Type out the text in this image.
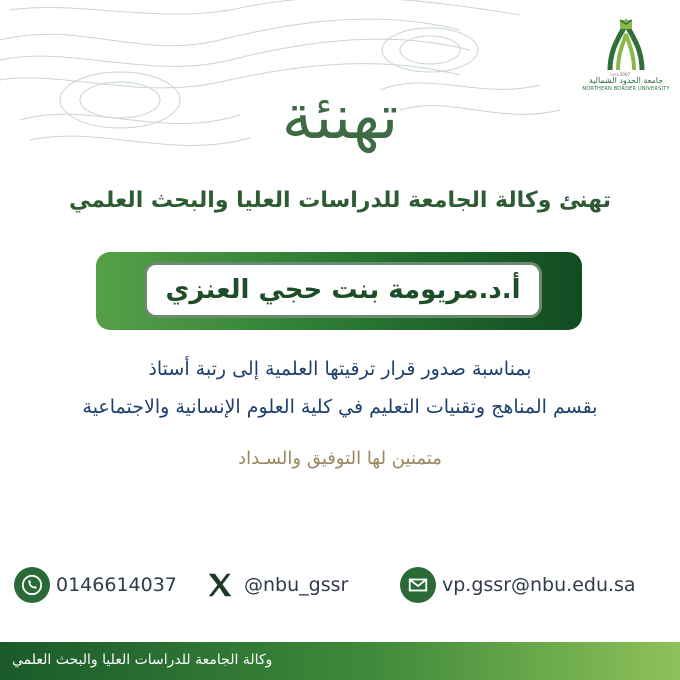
١٤٢٨ 2007
جامعة الحدود الشمالية
NORTHERN BORDER UNIVERSITY
تهنئة
تهنئ وكالة الجامعة للدراسات العليا والبحث العلمي
أ.د.مريومة بنت حجي العنزي
بمناسبة صدور قرار ترقيتها العلمية إلى رتبة أستاذ
بقسم المناهج وتقنيات التعليم في كلية العلوم الإنسانية والاجتماعية
متمنين لها التوفيق والسـداد
0146614037	@nbu_gssr	vp.gssr@nbu.edu.sa
وكالة الجامعة للدراسات العليا والبحث العلمي
